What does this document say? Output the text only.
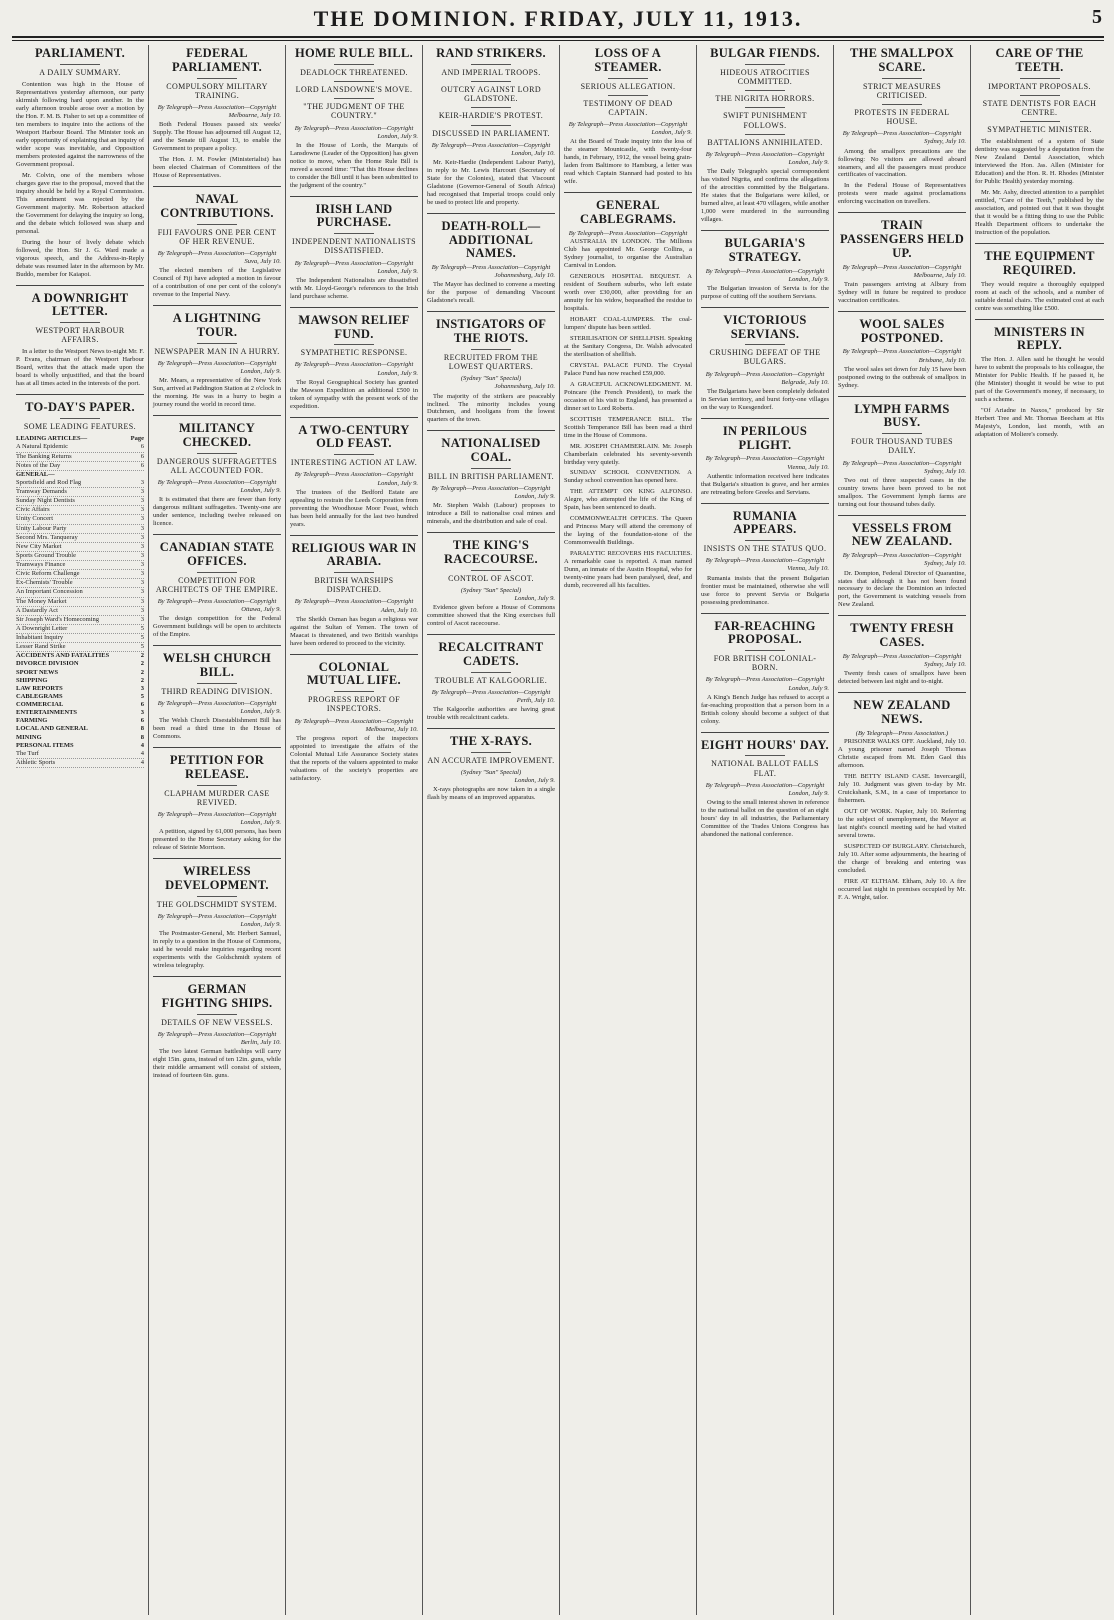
THE DOMINION. FRIDAY, JULY 11, 1913.	5
PARLIAMENT.
A DAILY SUMMARY.

Contention was high in the House of Representatives yesterday afternoon, our party skirmish following hard upon another. In the early afternoon trouble arose over a motion by the Hon. F. M. B. Fisher to set up a committee of ten members to inquire into the actions of the Westport Harbour Board. The Minister took an early opportunity of explaining that an inquiry of wider scope was inevitable, and Opposition members protested against the narrowness of the Government proposal.

Mr. Colvin, one of the members whose charges gave rise to the proposal, moved that the inquiry should be held by a Royal Commission. This amendment was rejected by the Government majority. Mr. Robertson attacked the Government for delaying the inquiry so long, and the debate which followed was sharp and personal.

During the hour of lively debate which followed, the Hon. Sir J. G. Ward made a vigorous speech, and the Address-in-Reply debate was resumed later in the afternoon by Mr. Buddo, member for Kaiapoi.

A DOWNRIGHT LETTER.
WESTPORT HARBOUR AFFAIRS.

In a letter to the Westport News to-night Mr. F. P. Evans, chairman of the Westport Harbour Board, writes that the attack made upon the board is wholly unjustified, and that the board has at all times acted in the interests of the port.

TO-DAY'S PAPER.
SOME LEADING FEATURES.
LEADING ARTICLES—	Page
A Natural Epidemic	6
The Banking Returns	6
Notes of the Day	6
GENERAL—
Sportsfield and Rod Flag	3
Tramway Demands	3
Sunday Night Dentists	3
Civic Affairs	3
Unity Concert	3
Unity Labour Party	3
Second Mrs. Tanqueray	3
New City Market	3
Sports Ground Trouble	3
Tramways Finance	3
Civic Reform Challenge	3
Ex-Chemists' Trouble	3
An Important Concession	3
The Money Market	3
A Dastardly Act	3
Sir Joseph Ward's Homecoming	3
A Downright Letter	5
Inhabitant Inquiry	5
Lesser Rand Strike	5
ACCIDENTS AND FATALITIES	2
DIVORCE DIVISION	2
SPORT NEWS	2
SHIPPING	2
LAW REPORTS	3
CABLEGRAMS	5
COMMERCIAL	6
ENTERTAINMENTS	3
FARMING	6
LOCAL AND GENERAL	8
MINING	8
PERSONAL ITEMS	4
The Turf	4
Athletic Sports	4
FEDERAL PARLIAMENT.
COMPULSORY MILITARY TRAINING.
By Telegraph—Press Association—Copyright
Melbourne, July 10.

Both Federal Houses passed six weeks' Supply. The House has adjourned till August 12, and the Senate till August 13, to enable the Government to prepare a policy.

The Hon. J. M. Fowler (Ministerialist) has been elected Chairman of Committees of the House of Representatives.

NAVAL CONTRIBUTIONS.
FIJI FAVOURS ONE PER CENT OF HER REVENUE.
By Telegraph—Press Association—Copyright
Suva, July 10.

The elected members of the Legislative Council of Fiji have adopted a motion in favour of a contribution of one per cent of the colony's revenue to the Imperial Navy.

A LIGHTNING TOUR.
NEWSPAPER MAN IN A HURRY.
By Telegraph—Press Association—Copyright
London, July 9.

Mr. Mears, a representative of the New York Sun, arrived at Paddington Station at 2 o'clock in the morning. He was in a hurry to begin a journey round the world in record time.

MILITANCY CHECKED.
DANGEROUS SUFFRAGETTES ALL ACCOUNTED FOR.
By Telegraph—Press Association—Copyright
London, July 9.

It is estimated that there are fewer than forty dangerous militant suffragettes. Twenty-one are under sentence, including twelve released on licence.

CANADIAN STATE OFFICES.
COMPETITION FOR ARCHITECTS OF THE EMPIRE.
By Telegraph—Press Association—Copyright
Ottawa, July 9.

The design competition for the Federal Government buildings will be open to architects of the Empire.

WELSH CHURCH BILL.
THIRD READING DIVISION.
By Telegraph—Press Association—Copyright
London, July 9.

The Welsh Church Disestablishment Bill has been read a third time in the House of Commons.

PETITION FOR RELEASE.
CLAPHAM MURDER CASE REVIVED.
By Telegraph—Press Association—Copyright
London, July 9.

A petition, signed by 61,000 persons, has been presented to the Home Secretary asking for the release of Steinie Morrison.

WIRELESS DEVELOPMENT.
THE GOLDSCHMIDT SYSTEM.
By Telegraph—Press Association—Copyright
London, July 9.

The Postmaster-General, Mr. Herbert Samuel, in reply to a question in the House of Commons, said he would make inquiries regarding recent experiments with the Goldschmidt system of wireless telegraphy.

GERMAN FIGHTING SHIPS.
DETAILS OF NEW VESSELS.
By Telegraph—Press Association—Copyright
Berlin, July 10.

The two latest German battleships will carry eight 15in. guns, instead of ten 12in. guns, while their middle armament will consist of sixteen, instead of fourteen 6in. guns.

HOME RULE BILL.
DEADLOCK THREATENED.
LORD LANSDOWNE'S MOVE.
"THE JUDGMENT OF THE COUNTRY."
By Telegraph—Press Association—Copyright
London, July 9.

In the House of Lords, the Marquis of Lansdowne (Leader of the Opposition) has given notice to move, when the Home Rule Bill is moved a second time: "That this House declines to consider the Bill until it has been submitted to the judgment of the country."

IRISH LAND PURCHASE.
INDEPENDENT NATIONALISTS DISSATISFIED.
By Telegraph—Press Association—Copyright
London, July 9.

The Independent Nationalists are dissatisfied with Mr. Lloyd-George's references to the Irish land purchase scheme.

MAWSON RELIEF FUND.
SYMPATHETIC RESPONSE.
By Telegraph—Press Association—Copyright
London, July 9.

The Royal Geographical Society has granted the Mawson Expedition an additional £500 in token of sympathy with the present work of the expedition.

A TWO-CENTURY OLD FEAST.
INTERESTING ACTION AT LAW.
By Telegraph—Press Association—Copyright
London, July 9.

The trustees of the Bedford Estate are appealing to restrain the Leeds Corporation from preventing the Woodhouse Moor Feast, which has been held annually for the last two hundred years.

RELIGIOUS WAR IN ARABIA.
BRITISH WARSHIPS DISPATCHED.
By Telegraph—Press Association—Copyright
Aden, July 10.

The Sheikh Osman has begun a religious war against the Sultan of Yemen. The town of Maacat is threatened, and two British warships have been ordered to proceed to the vicinity.

COLONIAL MUTUAL LIFE.
PROGRESS REPORT OF INSPECTORS.
By Telegraph—Press Association—Copyright
Melbourne, July 10.

The progress report of the inspectors appointed to investigate the affairs of the Colonial Mutual Life Assurance Society states that the reports of the valuers appointed to make valuations of the society's properties are satisfactory.

RAND STRIKERS.
AND IMPERIAL TROOPS.
OUTCRY AGAINST LORD GLADSTONE.
KEIR-HARDIE'S PROTEST.
DISCUSSED IN PARLIAMENT.
By Telegraph—Press Association—Copyright
London, July 10.

Mr. Keir-Hardie (Independent Labour Party), in reply to Mr. Lewis Harcourt (Secretary of State for the Colonies), stated that Viscount Gladstone (Governor-General of South Africa) had recognised that Imperial troops could only be used to protect life and property.

DEATH-ROLL—ADDITIONAL NAMES.
By Telegraph—Press Association—Copyright
Johannesburg, July 10.

The Mayor has declined to convene a meeting for the purpose of demanding Viscount Gladstone's recall.

INSTIGATORS OF THE RIOTS.
RECRUITED FROM THE LOWEST QUARTERS.
(Sydney "Sun" Special)
Johannesburg, July 10.

The majority of the strikers are peaceably inclined. The minority includes young Dutchmen, and hooligans from the lowest quarters of the town.

NATIONALISED COAL.
BILL IN BRITISH PARLIAMENT.
By Telegraph—Press Association—Copyright
London, July 9.

Mr. Stephen Walsh (Labour) proposes to introduce a Bill to nationalise coal mines and minerals, and the distribution and sale of coal.

THE KING'S RACECOURSE.
CONTROL OF ASCOT.
(Sydney "Sun" Special)
London, July 9.

Evidence given before a House of Commons committee showed that the King exercises full control of Ascot racecourse.

RECALCITRANT CADETS.
TROUBLE AT KALGOORLIE.
By Telegraph—Press Association—Copyright
Perth, July 10.

The Kalgoorlie authorities are having great trouble with recalcitrant cadets.

THE X-RAYS.
AN ACCURATE IMPROVEMENT.
(Sydney "Sun" Special)
London, July 9.

X-rays photographs are now taken in a single flash by means of an improved apparatus.

LOSS OF A STEAMER.
SERIOUS ALLEGATION.
TESTIMONY OF DEAD CAPTAIN.
By Telegraph—Press Association—Copyright
London, July 9.

At the Board of Trade inquiry into the loss of the steamer Mountcastle, with twenty-four hands, in February, 1912, the vessel being grain-laden from Baltimore to Hamburg, a letter was read which Captain Stannard had posted to his wife.

GENERAL CABLEGRAMS.
By Telegraph—Press Association—Copyright

AUSTRALIA IN LONDON. The Millions Club has appointed Mr. George Collins, a Sydney journalist, to organise the Australian Carnival in London.

GENEROUS HOSPITAL BEQUEST. A resident of Southern suburbs, who left estate worth over £30,000, after providing for an annuity for his widow, bequeathed the residue to hospitals.

HOBART COAL-LUMPERS. The coal-lumpers' dispute has been settled.

STERILISATION OF SHELLFISH. Speaking at the Sanitary Congress, Dr. Walsh advocated the sterilisation of shellfish.

CRYSTAL PALACE FUND. The Crystal Palace Fund has now reached £59,000.

A GRACEFUL ACKNOWLEDGMENT. M. Poincare (the French President), to mark the occasion of his visit to England, has presented a dinner set to Lord Roberts.

SCOTTISH TEMPERANCE BILL. The Scottish Temperance Bill has been read a third time in the House of Commons.

MR. JOSEPH CHAMBERLAIN. Mr. Joseph Chamberlain celebrated his seventy-seventh birthday very quietly.

SUNDAY SCHOOL CONVENTION. A Sunday school convention has opened here.

THE ATTEMPT ON KING ALFONSO. Alegre, who attempted the life of the King of Spain, has been sentenced to death.

COMMONWEALTH OFFICES. The Queen and Princess Mary will attend the ceremony of the laying of the foundation-stone of the Commonwealth Buildings.

PARALYTIC RECOVERS HIS FACULTIES. A remarkable case is reported. A man named Dunn, an inmate of the Austin Hospital, who for twenty-nine years had been paralysed, deaf, and dumb, recovered all his faculties.

BULGAR FIENDS.
HIDEOUS ATROCITIES COMMITTED.
THE NIGRITA HORRORS.
SWIFT PUNISHMENT FOLLOWS.
BATTALIONS ANNIHILATED.
By Telegraph—Press Association—Copyright
London, July 9.

The Daily Telegraph's special correspondent has visited Nigrita, and confirms the allegations of the atrocities committed by the Bulgarians. He states that the Bulgarians were killed, or burned alive, at least 470 villagers, while another 1,000 were murdered in the surrounding villages.

BULGARIA'S STRATEGY.
By Telegraph—Press Association—Copyright
London, July 9.

The Bulgarian invasion of Servia is for the purpose of cutting off the southern Servians.

VICTORIOUS SERVIANS.
CRUSHING DEFEAT OF THE BULGARS.
By Telegraph—Press Association—Copyright
Belgrade, July 10.

The Bulgarians have been completely defeated in Servian territory, and burst forty-one villages on the way to Kuesgendorf.

IN PERILOUS PLIGHT.
By Telegraph—Press Association—Copyright
Vienna, July 10.

Authentic information received here indicates that Bulgaria's situation is grave, and her armies are retreating before Greeks and Servians.

RUMANIA APPEARS.
INSISTS ON THE STATUS QUO.
By Telegraph—Press Association—Copyright
Vienna, July 10.

Rumania insists that the present Bulgarian frontier must be maintained, otherwise she will use force to prevent Servia or Bulgaria possessing predominance.

FAR-REACHING PROPOSAL.
FOR BRITISH COLONIAL-BORN.
By Telegraph—Press Association—Copyright
London, July 9.

A King's Bench Judge has refused to accept a far-reaching proposition that a person born in a British colony should become a subject of that colony.

EIGHT HOURS' DAY.
NATIONAL BALLOT FALLS FLAT.
By Telegraph—Press Association—Copyright
London, July 9.

Owing to the small interest shown in reference to the national ballot on the question of an eight hours' day in all industries, the Parliamentary Committee of the Trades Unions Congress has abandoned the national conference.

THE SMALLPOX SCARE.
STRICT MEASURES CRITICISED.
PROTESTS IN FEDERAL HOUSE.
By Telegraph—Press Association—Copyright
Sydney, July 10.

Among the smallpox precautions are the following: No visitors are allowed aboard steamers, and all the passengers must produce certificates of vaccination.

In the Federal House of Representatives protests were made against proclamations enforcing vaccination on travellers.

TRAIN PASSENGERS HELD UP.
By Telegraph—Press Association—Copyright
Melbourne, July 10.

Train passengers arriving at Albury from Sydney will in future be required to produce vaccination certificates.

WOOL SALES POSTPONED.
By Telegraph—Press Association—Copyright
Brisbane, July 10.

The wool sales set down for July 15 have been postponed owing to the outbreak of smallpox in Sydney.

LYMPH FARMS BUSY.
FOUR THOUSAND TUBES DAILY.
By Telegraph—Press Association—Copyright
Sydney, July 10.

Two out of three suspected cases in the country towns have been proved to be not smallpox. The Government lymph farms are turning out four thousand tubes daily.

VESSELS FROM NEW ZEALAND.
By Telegraph—Press Association—Copyright
Sydney, July 10.

Dr. Dompton, Federal Director of Quarantine, states that although it has not been found necessary to declare the Dominion an infected port, the Government is watching vessels from New Zealand.

TWENTY FRESH CASES.
By Telegraph—Press Association—Copyright
Sydney, July 10.

Twenty fresh cases of smallpox have been detected between last night and to-night.

NEW ZEALAND NEWS.
(By Telegraph—Press Association.)

PRISONER WALKS OFF. Auckland, July 10. A young prisoner named Joseph Thomas Christie escaped from Mt. Eden Gaol this afternoon.

THE BETTY ISLAND CASE. Invercargill, July 10. Judgment was given to-day by Mr. Cruickshank, S.M., in a case of importance to fishermen.

OUT OF WORK. Napier, July 10. Referring to the subject of unemployment, the Mayor at last night's council meeting said he had visited several towns.

SUSPECTED OF BURGLARY. Christchurch, July 10. After some adjournments, the hearing of the charge of breaking and entering was concluded.

FIRE AT ELTHAM. Eltham, July 10. A fire occurred last night in premises occupied by Mr. F. A. Wright, tailor.

CARE OF THE TEETH.
IMPORTANT PROPOSALS.
STATE DENTISTS FOR EACH CENTRE.
SYMPATHETIC MINISTER.

The establishment of a system of State dentistry was suggested by a deputation from the New Zealand Dental Association, which interviewed the Hon. Jas. Allen (Minister for Education) and the Hon. R. H. Rhodes (Minister for Public Health) yesterday morning.

Mr. Mr. Ashy, directed attention to a pamphlet entitled, "Care of the Teeth," published by the association, and pointed out that it was thought that it would be a fitting thing to use the Public Health Department officers to undertake the instruction of the population.

THE EQUIPMENT REQUIRED.

They would require a thoroughly equipped room at each of the schools, and a number of suitable dental chairs. The estimated cost at each centre was something like £500.

MINISTERS IN REPLY.

The Hon. J. Allen said he thought he would have to submit the proposals to his colleague, the Minister for Public Health. If he passed it, he (the Minister) thought it would be wise to put part of the Government's money, if necessary, to such a scheme.

"Of Ariadne in Naxos," produced by Sir Herbert Tree and Mr. Thomas Beecham at His Majesty's, London, last month, with an adaptation of Moliere's comedy.
